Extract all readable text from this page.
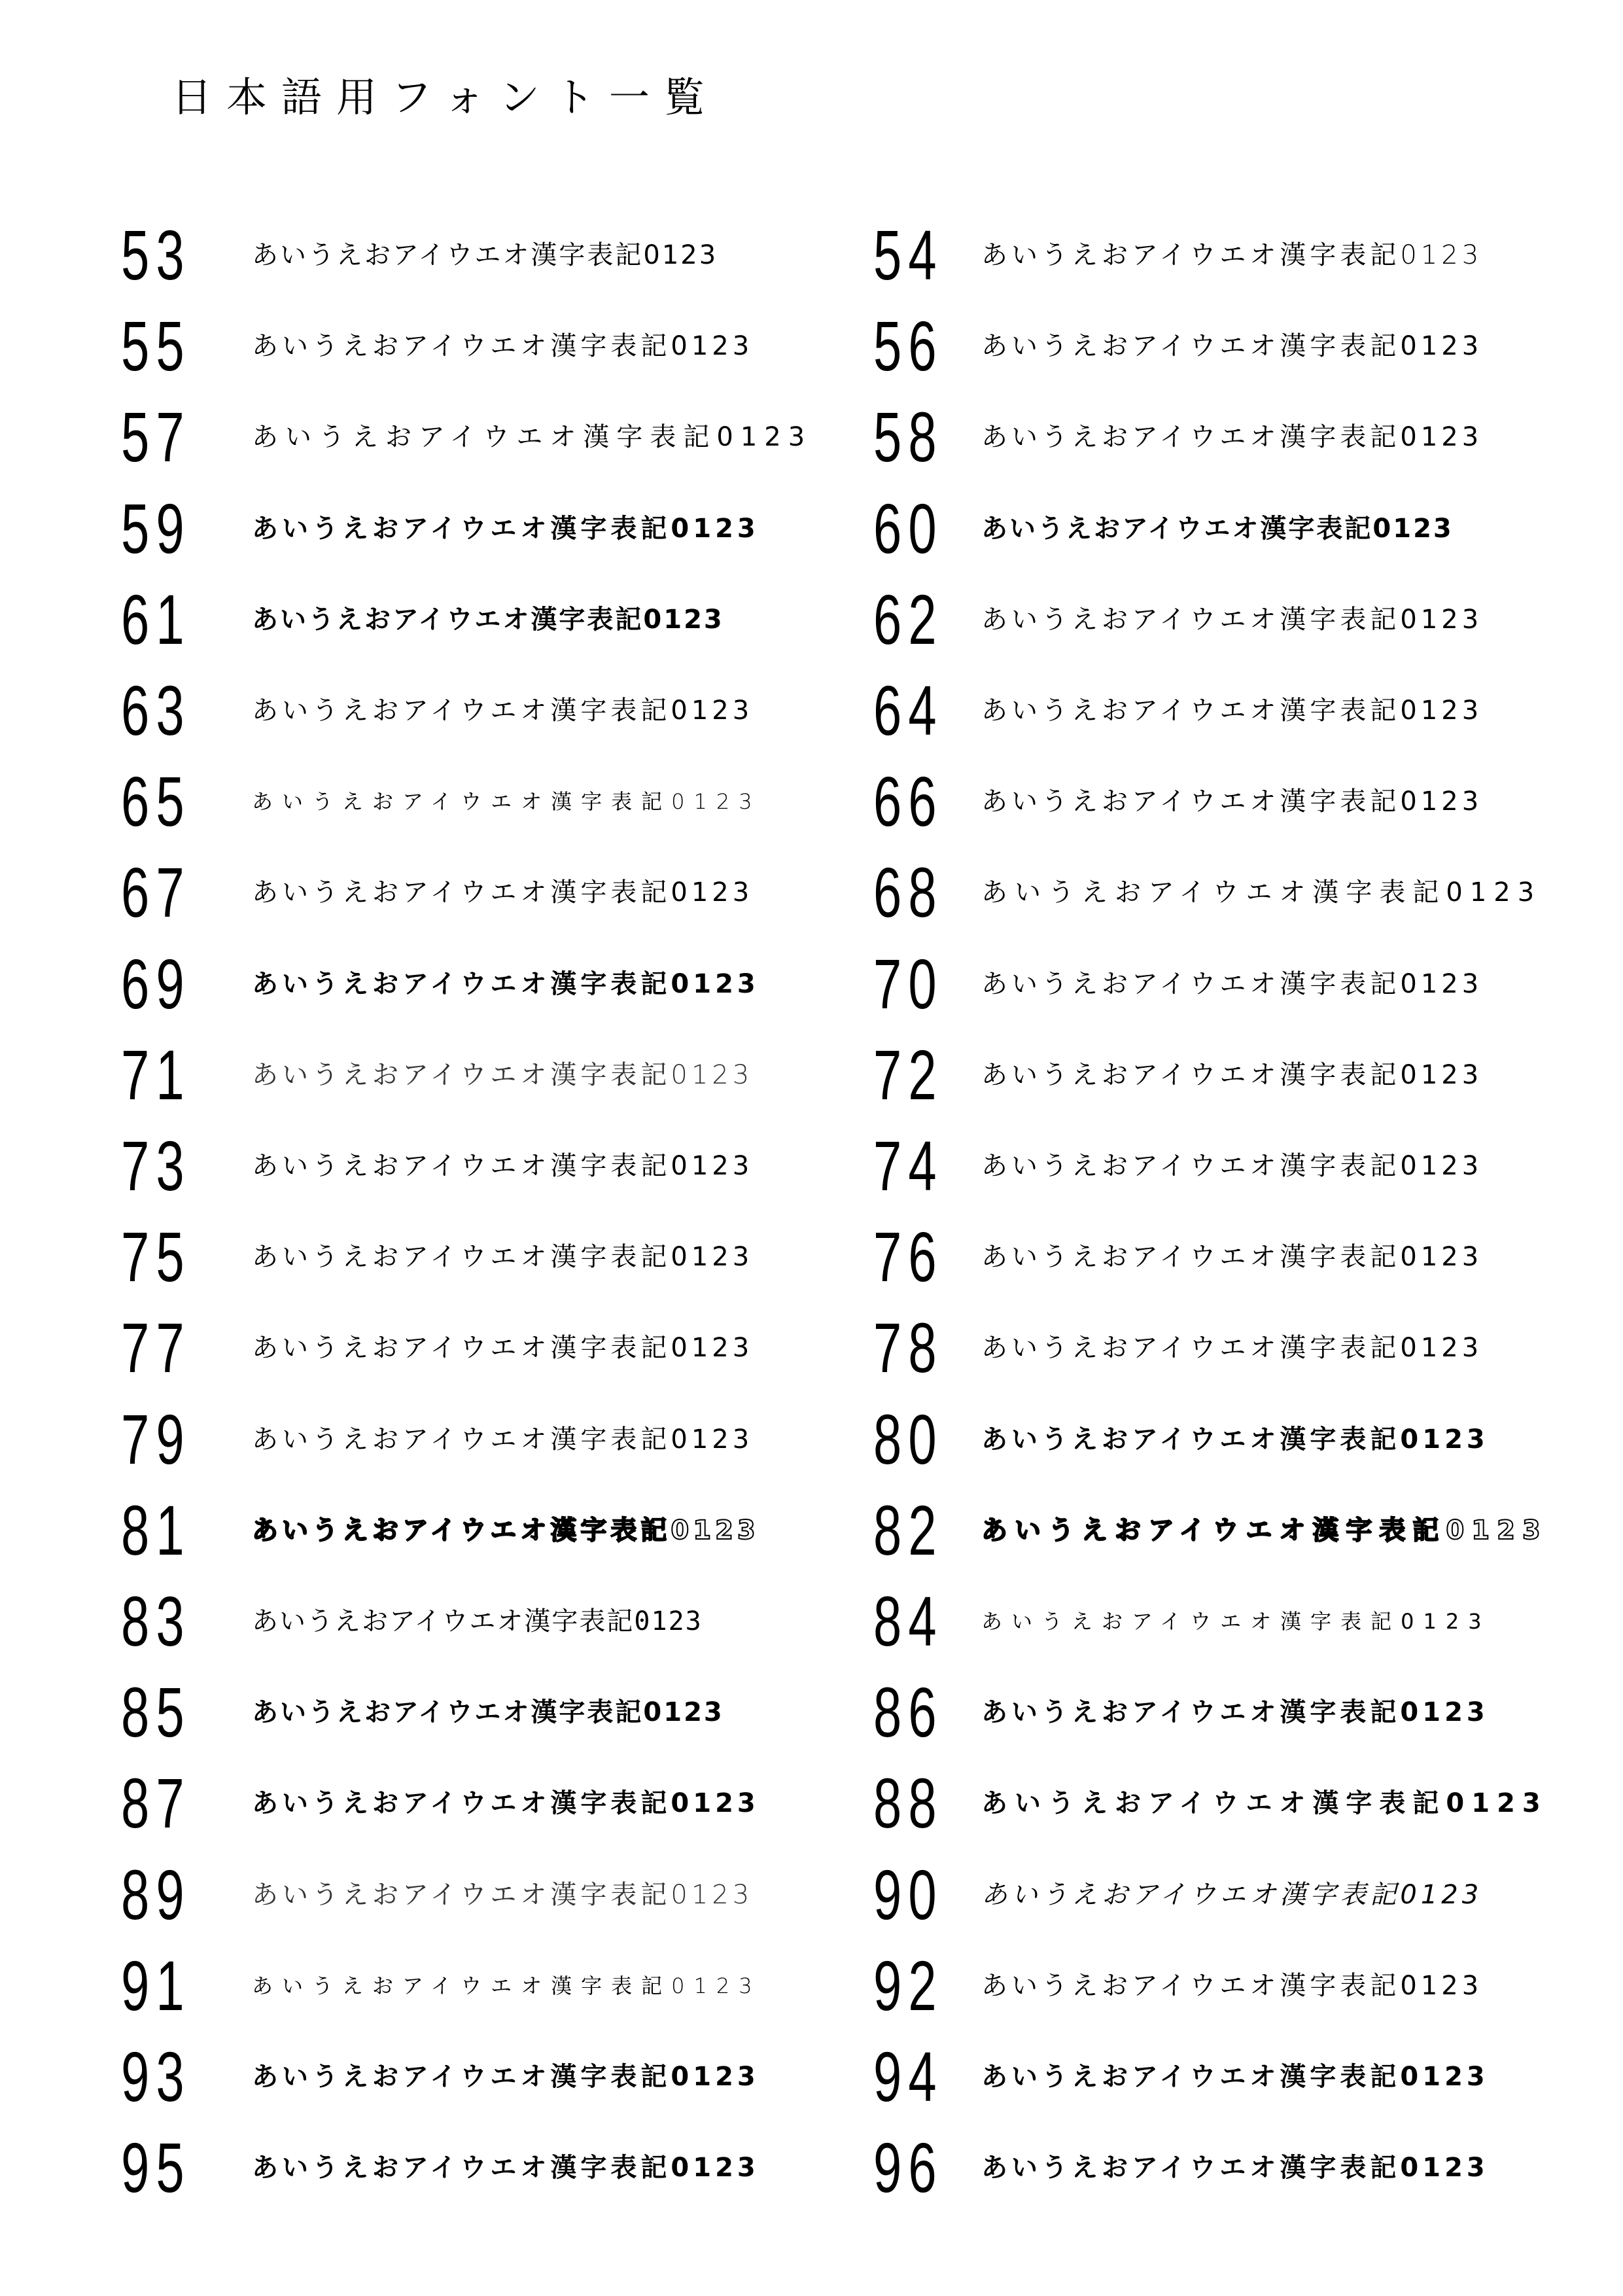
日本語用フォント一覧
53 あいうえおアイウエオ漢字表記0123 54 あいうえおアイウエオ漢字表記0123
55 あいうえおアイウエオ漢字表記0123 56 あいうえおアイウエオ漢字表記0123
57 あいうえおアイウエオ漢字表記0123 58 あいうえおアイウエオ漢字表記0123
59 あいうえおアイウエオ漢字表記0123 60 あいうえおアイウエオ漢字表記0123
61 あいうえおアイウエオ漢字表記0123 62 あいうえおアイウエオ漢字表記0123
63 あいうえおアイウエオ漢字表記0123 64 あいうえおアイウエオ漢字表記0123
65	あいうえおアイウエオ漢字表記0123 66 あいうえおアイウエオ漢字表記0123
67 あいうえおアイウエオ漢字表記0123 68 あいうえおアイウエオ漢字表記0123
69 あいうえおアイウエオ漢字表記0123 70 あいうえおアイウエオ漢字表記0123
71 あいうえおアイウエオ漢字表記0123 72 あいうえおアイウエオ漢字表記0123
73 あいうえおアイウエオ漢字表記0123 74 あいうえおアイウエオ漢字表記0123
75 あいうえおアイウエオ漢字表記0123 76 あいうえおアイウエオ漢字表記0123
77 あいうえおアイウエオ漢字表記0123 78 あいうえおアイウエオ漢字表記0123
79 あいうえおアイウエオ漢字表記0123 80 あいうえおアイウエオ漢字表記0123
81 あいうえおアイウエオ漢字表記0123 82 あいうえおアイウエオ漢字表記0123
83 あいうえおアイウエオ漢字表記0123 84 あいうえおアイウエオ漢字表記0123
85 あいうえおアイウエオ漢字表記0123 86 あいうえおアイウエオ漢字表記0123
87 あいうえおアイウエオ漢字表記0123 88 あいうえおアイウエオ漢字表記0123
89 あいうえおアイウエオ漢字表記0123 90 あいうえおアイウエオ漢字表記0123
91	あいうえおアイウエオ漢字表記0123 92 あいうえおアイウエオ漢字表記0123
93 あいうえおアイウエオ漢字表記0123 94 あいうえおアイウエオ漢字表記0123
95 あいうえおアイウエオ漢字表記0123 96 あいうえおアイウエオ漢字表記0123
